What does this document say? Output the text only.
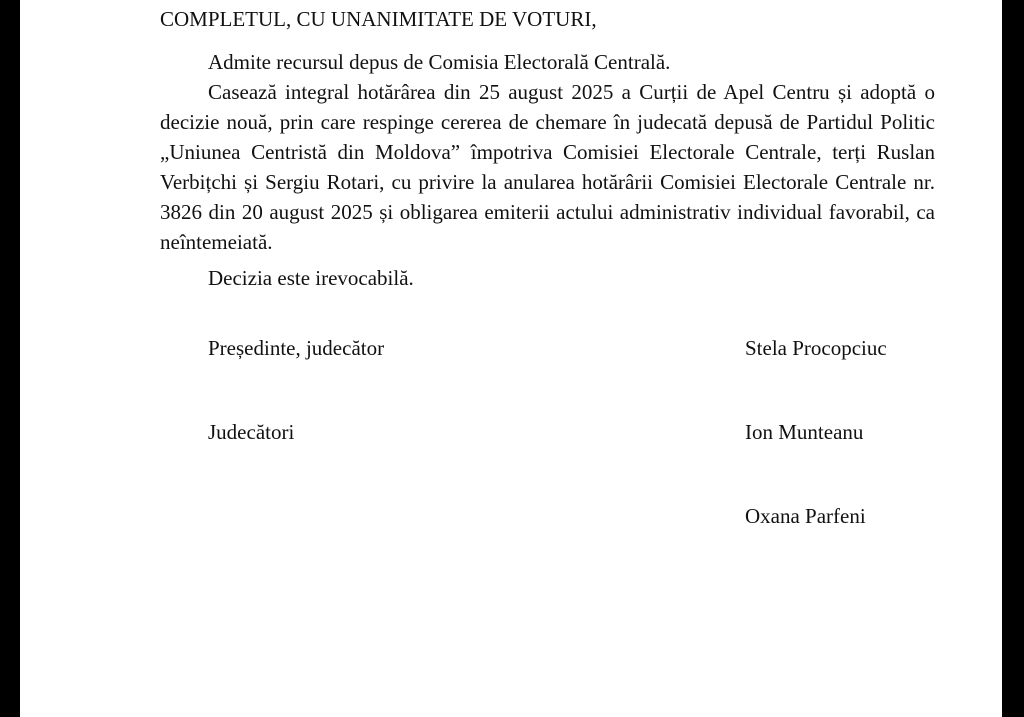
COMPLETUL, CU UNANIMITATE DE VOTURI,
Admite recursul depus de Comisia Electorală Centrală.
Casează integral hotărârea din 25 august 2025 a Curții de Apel Centru și adoptă o decizie nouă, prin care respinge cererea de chemare în judecată depusă de Partidul Politic „Uniunea Centristă din Moldova” împotriva Comisiei Electorale Centrale, terți Ruslan Verbițchi și Sergiu Rotari, cu privire la anularea hotărârii Comisiei Electorale Centrale nr. 3826 din 20 august 2025 și obligarea emiterii actului administrativ individual favorabil, ca neîntemeiată.
Decizia este irevocabilă.
Președinte, judecător	Stela Procopciuc
Judecători	Ion Munteanu
Oxana Parfeni
